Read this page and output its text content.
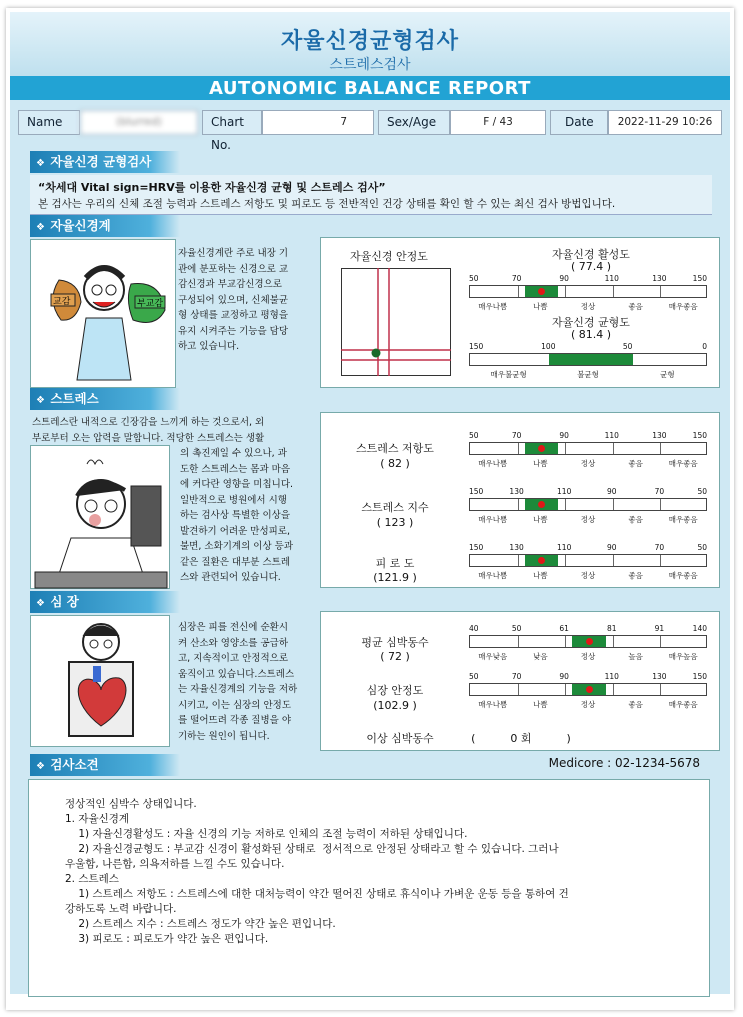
자율신경균형검사
스트레스검사
AUTONOMIC BALANCE REPORT
Name	(blurred)	Chart No.
7	Sex/Age	F / 43	Date	2022-11-29 10:26
❖ 자율신경 균형검사
“차세대 Vital sign=HRV를 이용한 자율신경 균형 및 스트레스 검사”
본 검사는 우리의 신체 조절 능력과 스트레스 저항도 및 피로도 등 전반적인 건강 상태를 확인 할 수 있는 최신 검사 방법입니다.
❖ 자율신경계
교감	부교감
자율신경계란 주로 내장 기
관에 분포하는 신경으로 교
감신경과 부교감신경으로
구성되어 있으며, 신체불균
형 상태를 교정하고 평형을
유지 시켜주는 기능을 담당
하고 있습니다.
자율신경 안정도	자율신경 활성도
( 77.4 )
자율신경 균형도
( 81.4 )
50	70	90	110	130	150
매우나쁨	나쁨	정상	좋음	매우좋음
150	100	50	0
매우불균형	불균형	균형
❖ 스트레스
스트레스란 내적으로 긴장감을 느끼게 하는 것으로서, 외
부로부터 오는 압력을 말합니다. 적당한 스트레스는 생활
의 촉진제일 수 있으나, 과
도한 스트레스는 몸과 마음
에 커다란 영향을 미칩니다.
일반적으로 병원에서 시행
하는 검사상 특별한 이상을
발견하기 어려운 만성피로,
불면, 소화기계의 이상 등과
같은 질환은 대부분 스트레
스와 관련되어 있습니다.
스트레스 저항도
( 82 )
스트레스 지수
( 123 )
피 로 도
(121.9 )
50	70	90	110	130	150
매우나쁨	나쁨	정상	좋음	매우좋음
150	130	110	90	70	50
매우나쁨	나쁨	정상	좋음	매우좋음
150	130	110	90	70	50
매우나쁨	나쁨	정상	좋음	매우좋음
❖ 심 장
심장은 피를 전신에 순환시
켜 산소와 영양소를 공급하
고, 지속적이고 안정적으로
움직이고 있습니다.스트레스
는 자율신경계의 기능을 저하
시키고, 이는 심장의 안정도
를 떨어뜨려 각종 질병을 야
기하는 원인이 됩니다.
평균 심박동수
( 72 )
심장 안정도
(102.9 )
이상 심박동수	(          0 회          )
40	50	61	81	91	140
매우낮음	낮음	정상	높음	매우높음
50	70	90	110	130	150
매우나쁨	나쁨	정상	좋음	매우좋음
❖ 검사소견	Medicore : 02-1234-5678
정상적인 심박수 상태입니다.
1. 자율신경계
1) 자율신경활성도 : 자율 신경의 기능 저하로 인체의 조절 능력이 저하된 상태입니다.
2) 자율신경균형도 : 부교감 신경이 활성화된 상태로  정서적으로 안정된 상태라고 할 수 있습니다. 그러나
우울함, 나른함, 의욕저하를 느낄 수도 있습니다.
2. 스트레스
1) 스트레스 저항도 : 스트레스에 대한 대처능력이 약간 떨어진 상태로 휴식이나 가벼운 운동 등을 통하여 건
강하도록 노력 바랍니다.
2) 스트레스 지수 : 스트레스 정도가 약간 높은 편입니다.
3) 피로도 : 피로도가 약간 높은 편입니다.
